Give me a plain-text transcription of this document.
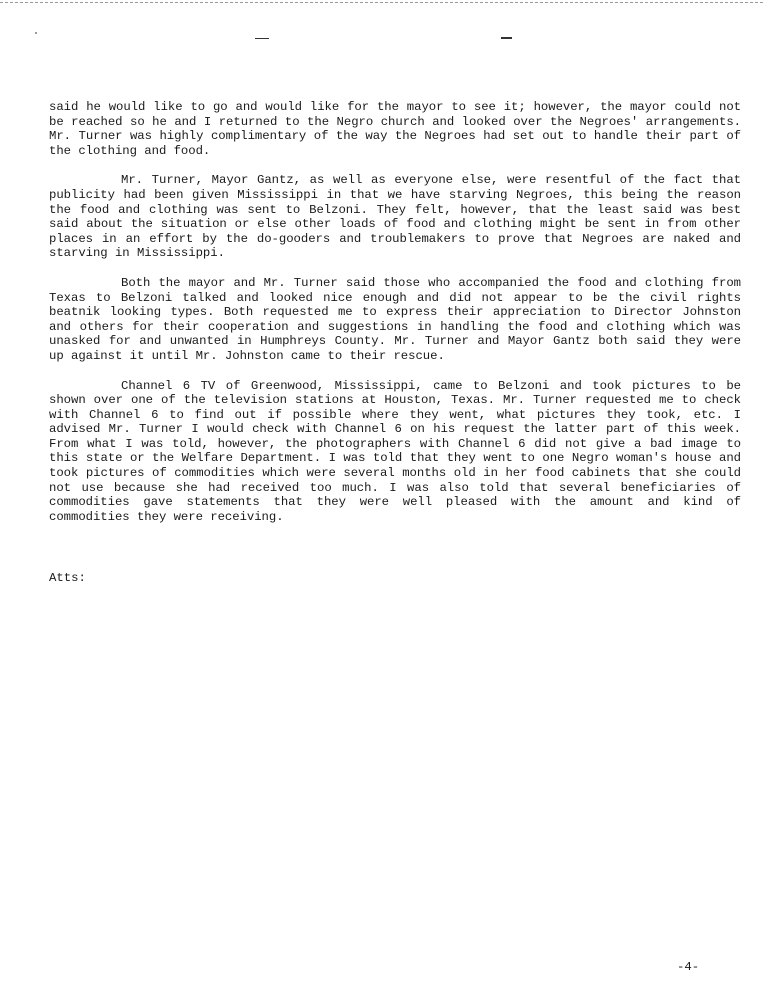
said he would like to go and would like for the mayor to see it; however, the mayor could not be reached so he and I returned to the Negro church and looked over the Negroes' arrangements. Mr. Turner was highly complimentary of the way the Negroes had set out to handle their part of the clothing and food.

Mr. Turner, Mayor Gantz, as well as everyone else, were resentful of the fact that publicity had been given Mississippi in that we have starving Negroes, this being the reason the food and clothing was sent to Belzoni. They felt, however, that the least said was best said about the situation or else other loads of food and clothing might be sent in from other places in an effort by the do-gooders and troublemakers to prove that Negroes are naked and starving in Mississippi.

Both the mayor and Mr. Turner said those who accompanied the food and clothing from Texas to Belzoni talked and looked nice enough and did not appear to be the civil rights beatnik looking types. Both requested me to express their appreciation to Director Johnston and others for their cooperation and suggestions in handling the food and clothing which was unasked for and unwanted in Humphreys County. Mr. Turner and Mayor Gantz both said they were up against it until Mr. Johnston came to their rescue.

Channel 6 TV of Greenwood, Mississippi, came to Belzoni and took pictures to be shown over one of the television stations at Houston, Texas. Mr. Turner requested me to check with Channel 6 to find out if possible where they went, what pictures they took, etc. I advised Mr. Turner I would check with Channel 6 on his request the latter part of this week. From what I was told, however, the photographers with Channel 6 did not give a bad image to this state or the Welfare Department. I was told that they went to one Negro woman's house and took pictures of commodities which were several months old in her food cabinets that she could not use because she had received too much. I was also told that several beneficiaries of commodities gave statements that they were well pleased with the amount and kind of commodities they were receiving.

Atts:
-4-
